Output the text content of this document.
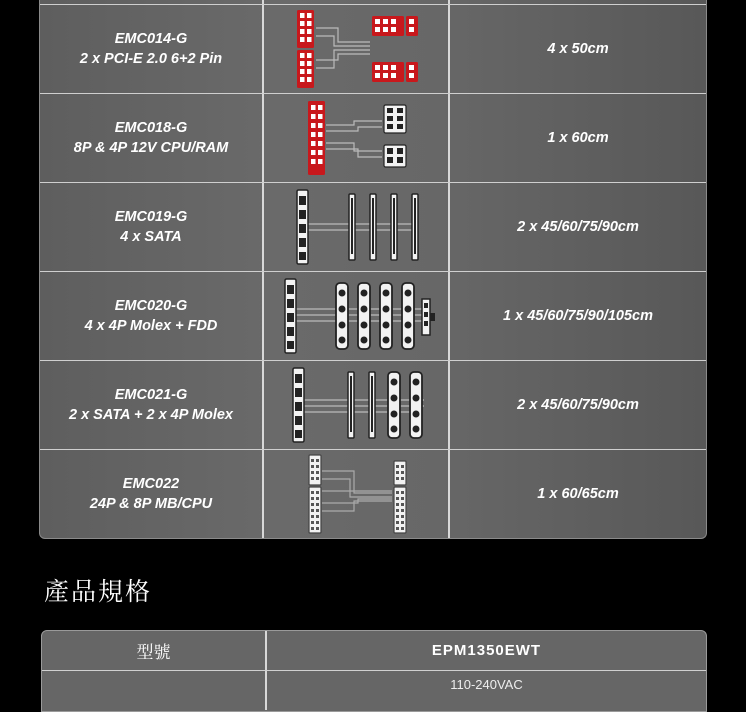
EMC014-G
2 x PCI-E 2.0 6+2 Pin
4 x 50cm
EMC018-G
8P & 4P 12V CPU/RAM
1 x 60cm
EMC019-G
4 x SATA
2 x 45/60/75/90cm
EMC020-G
4 x 4P Molex + FDD
1 x 45/60/75/90/105cm
EMC021-G
2 x SATA + 2 x 4P Molex
2 x 45/60/75/90cm
EMC022
24P & 8P MB/CPU
1 x 60/65cm
產品規格
型號	EPM1350EWT
110-240VAC
